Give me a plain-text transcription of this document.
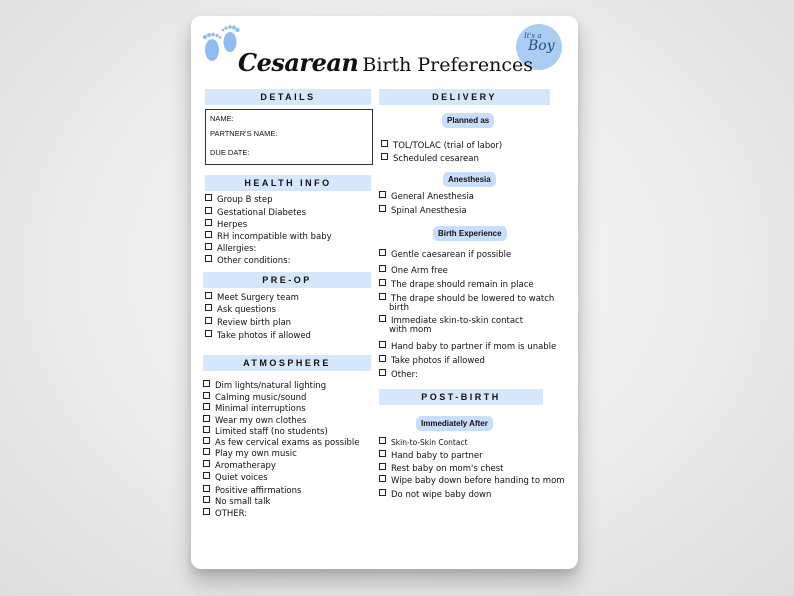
It's a
Boy
Cesarean Birth Preferences
DETAILS
NAME:
PARTNER'S NAME:
DUE DATE:
HEALTH INFO
Group B step
Gestational Diabetes
Herpes
RH incompatible with baby
Allergies:
Other conditions:
PRE-OP
Meet Surgery team
Ask questions
Review birth plan
Take photos if allowed
ATMOSPHERE
Dim lights/natural lighting
Calming music/sound
Minimal interruptions
Wear my own clothes
Limited staff (no students)
As few cervical exams as possible
Play my own music
Aromatherapy
Quiet voices
Positive affirmations
No small talk
OTHER:
DELIVERY
Planned as
TOL/TOLAC (trial of labor)
Scheduled cesarean
Anesthesia
General Anesthesia
Spinal Anesthesia
Birth Experience
Gentle caesarean if possible
One Arm free
The drape should remain in place
The drape should be lowered to watch
birth
Immediate skin-to-skin contact
with mom
Hand baby to partner if mom is unable
Take photos if allowed
Other:
POST-BIRTH
Immediately After
Skin-to-Skin Contact
Hand baby to partner
Rest baby on mom's chest
Wipe baby down before handing to mom
Do not wipe baby down
